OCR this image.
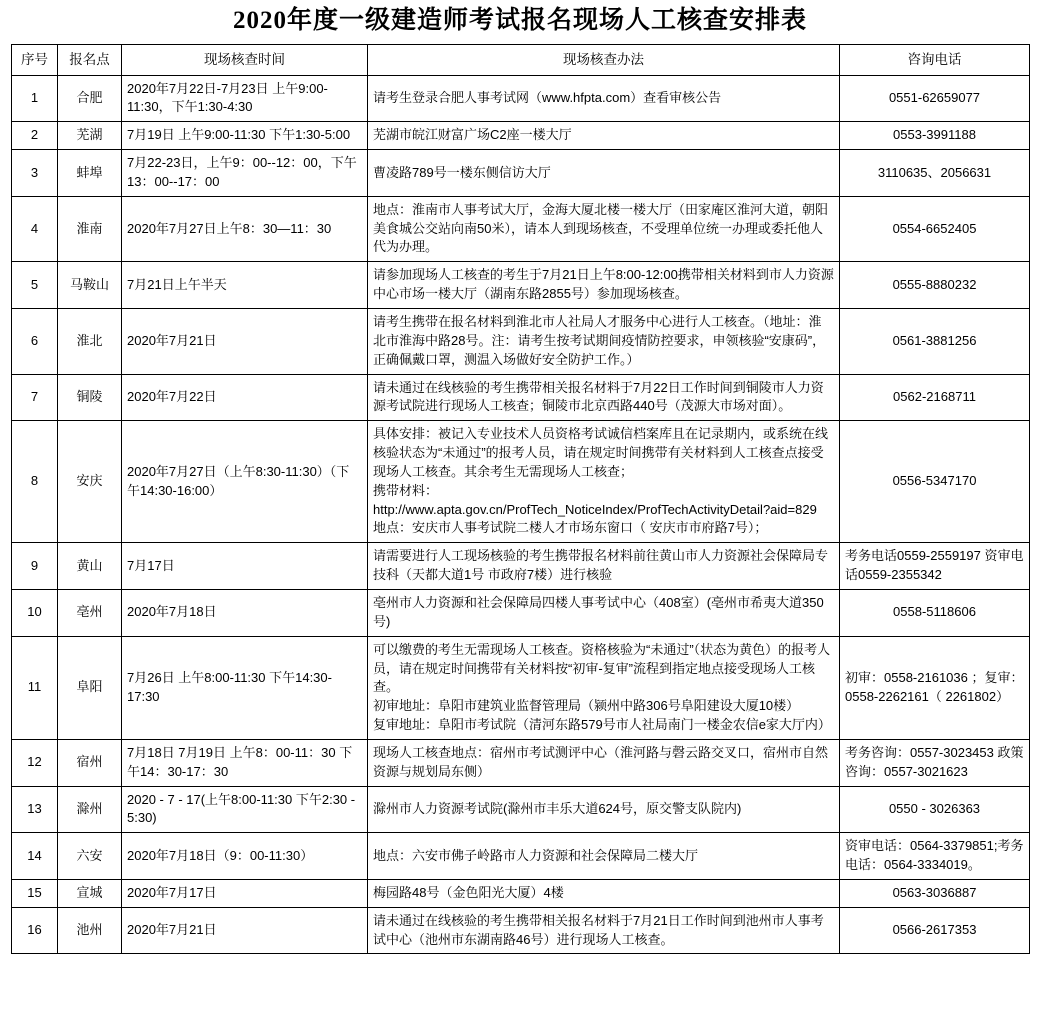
2020年度一级建造师考试报名现场人工核查安排表
序号	报名点	现场核查时间	现场核查办法	咨询电话
1	合肥	2020年7月22日-7月23日 上午9:00-11:30，下午1:30-4:30	请考生登录合肥人事考试网（www.hfpta.com）查看审核公告	0551-62659077
2	芜湖	7月19日 上午9:00-11:30 下午1:30-5:00	芜湖市皖江财富广场C2座一楼大厅	0553-3991188
3	蚌埠	7月22-23日，上午9：00--12：00，下午13：00--17：00	曹凌路789号一楼东侧信访大厅	3110635、2056631
4	淮南	2020年7月27日上午8：30—11：30	地点：淮南市人事考试大厅，金海大厦北楼一楼大厅（田家庵区淮河大道，朝阳美食城公交站向南50米），请本人到现场核查，不受理单位统一办理或委托他人代为办理。	0554-6652405
5	马鞍山	7月21日上午半天	请参加现场人工核查的考生于7月21日上午8:00-12:00携带相关材料到市人力资源中心市场一楼大厅（湖南东路2855号）参加现场核查。	0555-8880232
6	淮北	2020年7月21日	请考生携带在报名材料到淮北市人社局人才服务中心进行人工核查。（地址：淮北市淮海中路28号。注：请考生按考试期间疫情防控要求，申领核验“安康码”，正确佩戴口罩，测温入场做好安全防护工作。）	0561-3881256
7	铜陵	2020年7月22日	请未通过在线核验的考生携带相关报名材料于7月22日工作时间到铜陵市人力资源考试院进行现场人工核查；铜陵市北京西路440号（茂源大市场对面）。	0562-2168711
8	安庆	2020年7月27日（上午8:30-11:30）（下午14:30-16:00）	具体安排：被记入专业技术人员资格考试诚信档案库且在记录期内，或系统在线核验状态为“未通过”的报考人员，请在规定时间携带有关材料到人工核查点接受现场人工核查。其余考生无需现场人工核查；
携带材料：
http://www.apta.gov.cn/ProfTech_NoticeIndex/ProfTechActivityDetail?aid=829
地点：安庆市人事考试院二楼人才市场东窗口（ 安庆市市府路7号）；	0556-5347170
9	黄山	7月17日	请需要进行人工现场核验的考生携带报名材料前往黄山市人力资源社会保障局专技科（天都大道1号 市政府7楼）进行核验	考务电话0559-2559197 资审电话0559-2355342
10	亳州	2020年7月18日	亳州市人力资源和社会保障局四楼人事考试中心（408室）(亳州市希夷大道350号)	0558-5118606
11	阜阳	7月26日 上午8:00-11:30 下午14:30-17:30	可以缴费的考生无需现场人工核查。资格核验为“未通过”（状态为黄色）的报考人员，请在规定时间携带有关材料按“初审-复审”流程到指定地点接受现场人工核查。
初审地址：阜阳市建筑业监督管理局（颍州中路306号阜阳建设大厦10楼）
复审地址：阜阳市考试院（清河东路579号市人社局南门一楼金农信e家大厅内）	初审：0558-2161036 ；复审：0558-2262161（ 2261802）
12	宿州	7月18日 7月19日 上午8：00-11：30 下午14：30-17：30	现场人工核查地点：宿州市考试测评中心（淮河路与磬云路交叉口，宿州市自然资源与规划局东侧）	考务咨询：0557-3023453 政策咨询：0557-3021623
13	滁州	2020 - 7 - 17(上午8:00-11:30 下午2:30 - 5:30)	滁州市人力资源考试院(滁州市丰乐大道624号，原交警支队院内)	0550 - 3026363
14	六安	2020年7月18日（9：00-11:30）	地点：六安市佛子岭路市人力资源和社会保障局二楼大厅	资审电话：0564-3379851;考务电话：0564-3334019。
15	宣城	2020年7月17日	梅园路48号（金色阳光大厦）4楼	0563-3036887
16	池州	2020年7月21日	请未通过在线核验的考生携带相关报名材料于7月21日工作时间到池州市人事考试中心（池州市东湖南路46号）进行现场人工核查。	0566-2617353
